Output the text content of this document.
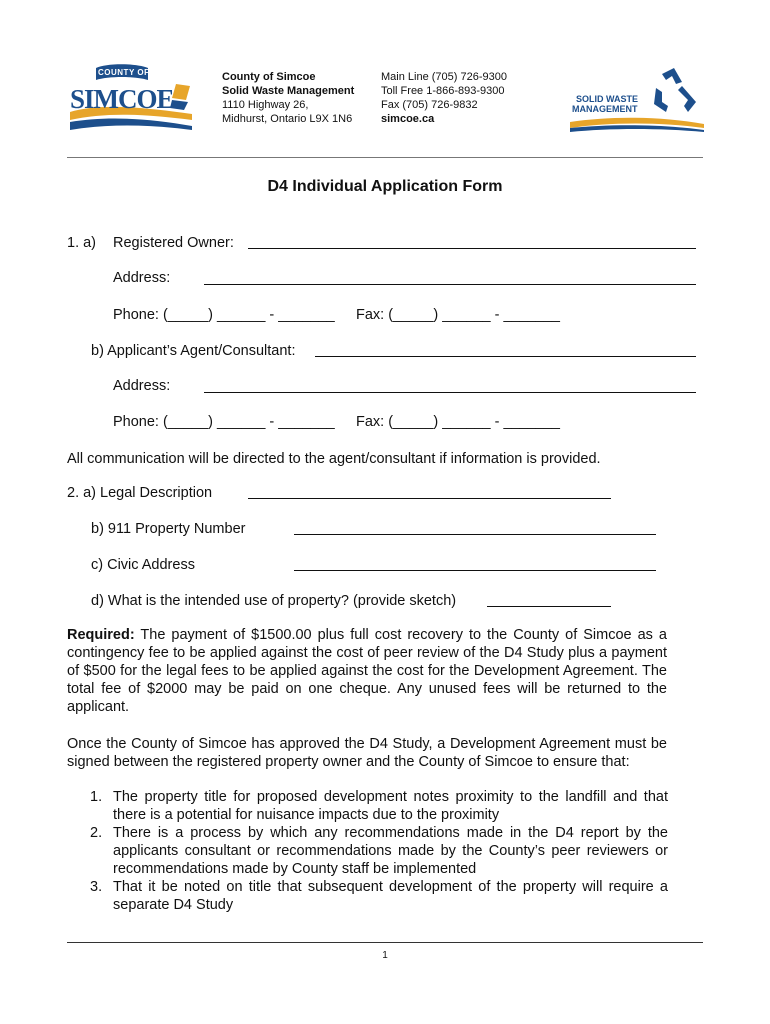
COUNTY OF
SIMCOE
County of Simcoe
Solid Waste Management
1110 Highway 26,
Midhurst, Ontario L9X 1N6
Main Line (705) 726-9300
Toll Free 1-866-893-9300
Fax (705) 726-9832
simcoe.ca
SOLID WASTE
MANAGEMENT
D4 Individual Application Form
1. a) Registered Owner:
Address:
Phone: (_____) ______ - _______ Fax: (_____) ______ - _______
b) Applicant’s Agent/Consultant:
Address:
Phone: (_____) ______ - _______ Fax: (_____) ______ - _______
All communication will be directed to the agent/consultant if information is provided.
2. a) Legal Description
b) 911 Property Number
c) Civic Address
d) What is the intended use of property? (provide sketch)
Required: The payment of $1500.00 plus full cost recovery to the County of Simcoe as a contingency fee to be applied against the cost of peer review of the D4 Study plus a payment of $500 for the legal fees to be applied against the cost for the Development Agreement. The total fee of $2000 may be paid on one cheque. Any unused fees will be returned to the applicant.
Once the County of Simcoe has approved the D4 Study, a Development Agreement must be signed between the registered property owner and the County of Simcoe to ensure that:
1. The property title for proposed development notes proximity to the landfill and that there is a potential for nuisance impacts due to the proximity
2. There is a process by which any recommendations made in the D4 report by the applicants consultant or recommendations made by the County’s peer reviewers or recommendations made by County staff be implemented
3. That it be noted on title that subsequent development of the property will require a separate D4 Study
1
